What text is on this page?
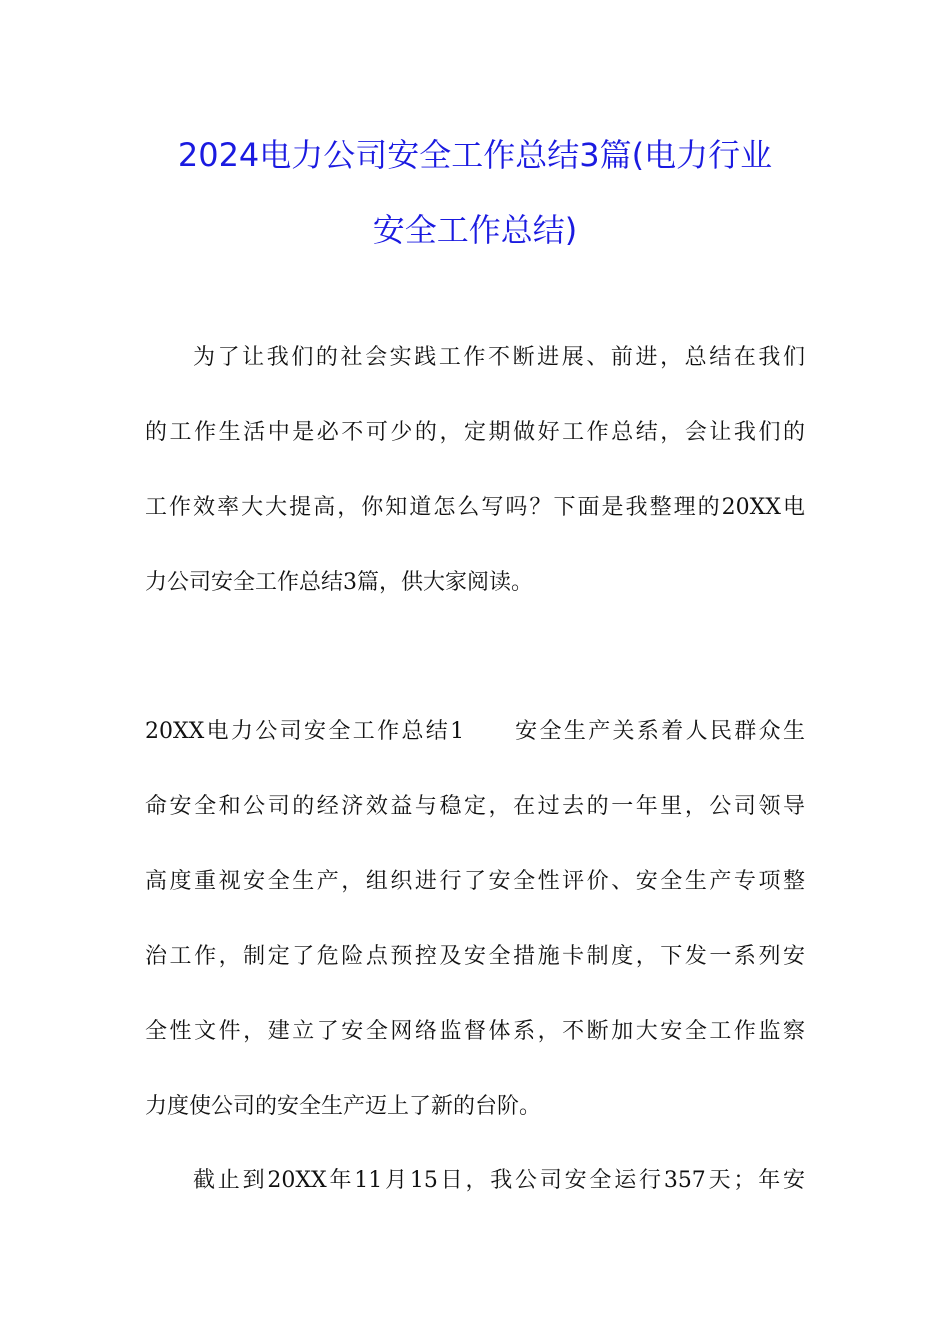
2024电力公司安全工作总结3篇(电力行业
安全工作总结)
为了让我们的社会实践工作不断进展、前进，总结在我们
的工作生活中是必不可少的，定期做好工作总结，会让我们的
工作效率大大提高，你知道怎么写吗？下面是我整理的20XX电
力公司安全工作总结3篇，供大家阅读。
20XX电力公司安全工作总结1　　安全生产关系着人民群众生
命安全和公司的经济效益与稳定，在过去的一年里，公司领导
高度重视安全生产，组织进行了安全性评价、安全生产专项整
治工作，制定了危险点预控及安全措施卡制度，下发一系列安
全性文件，建立了安全网络监督体系，不断加大安全工作监察
力度使公司的安全生产迈上了新的台阶。
截止到20XX年11月15日，我公司安全运行357天；年安
